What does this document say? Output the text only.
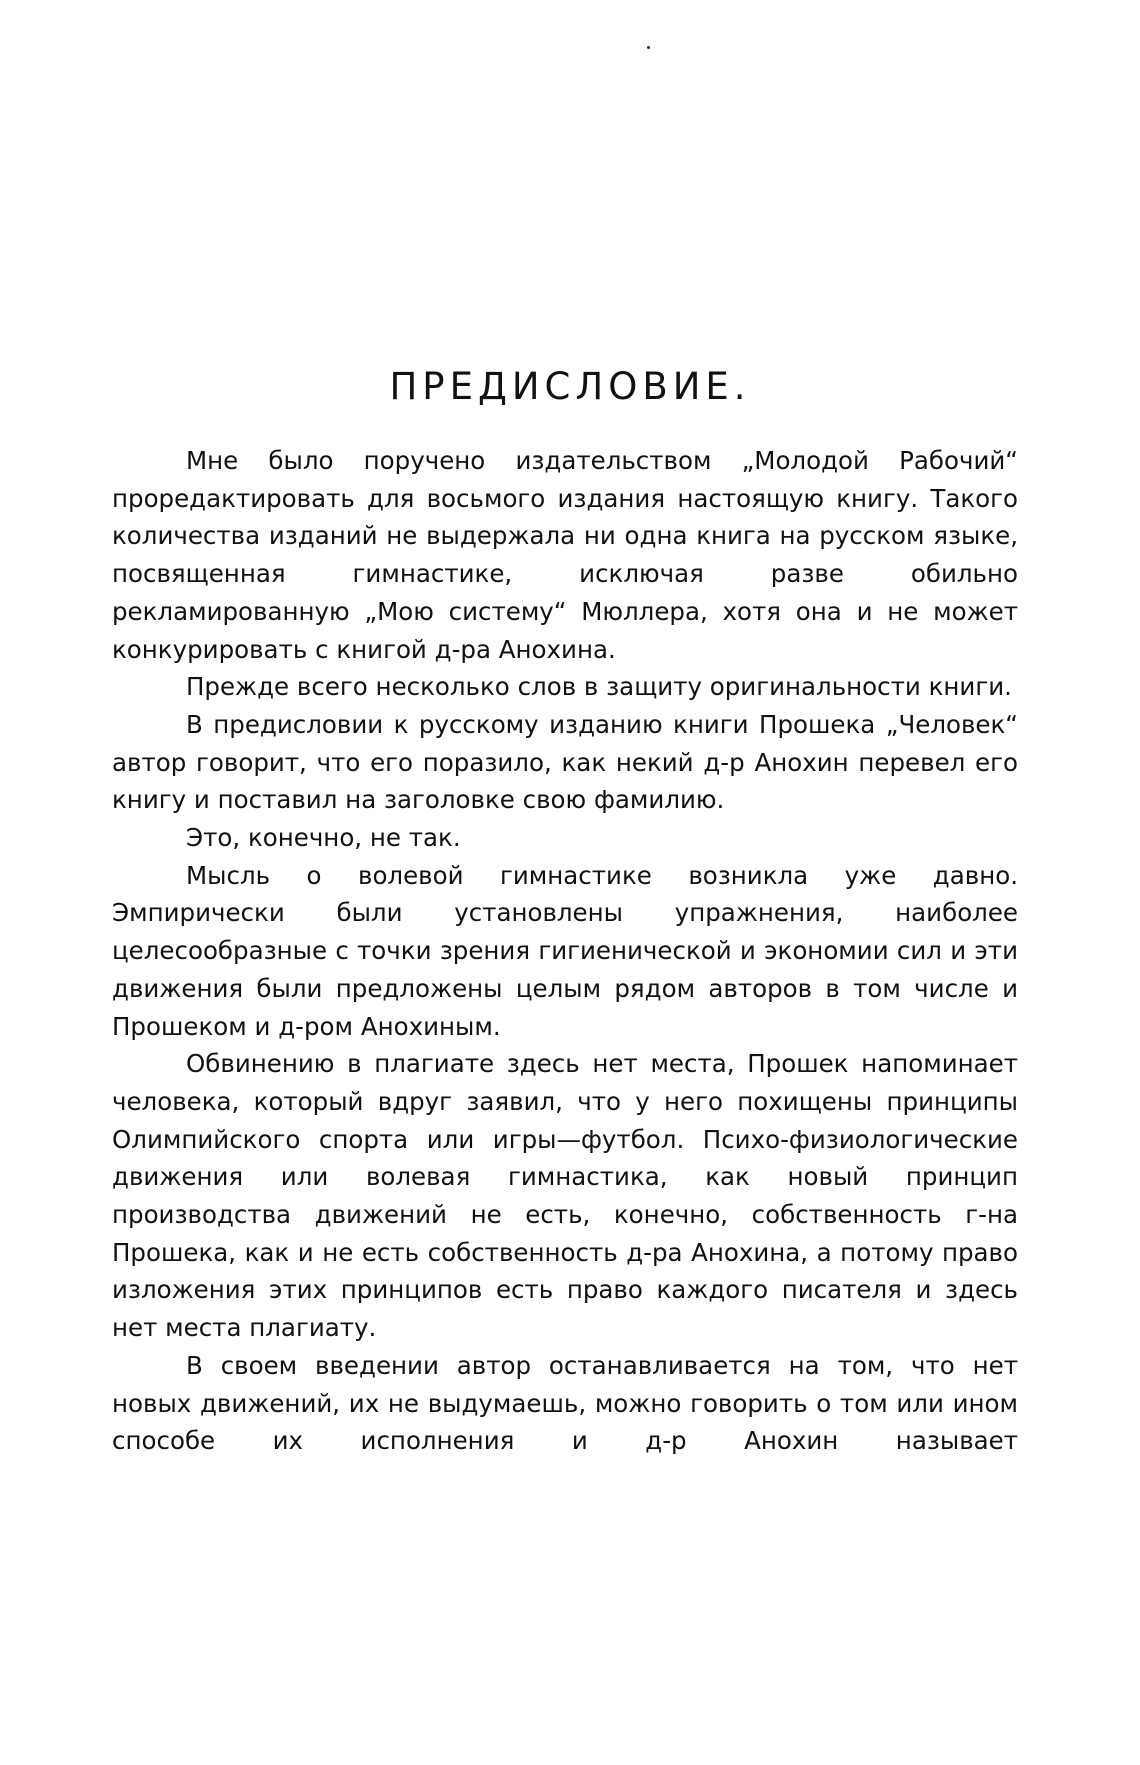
ПРЕДИСЛОВИЕ.

Мне было поручено издательством „Молодой Рабочий“ проредактировать для восьмого издания настоящую книгу. Такого количества изданий не выдержала ни одна книга на русском языке, посвященная гимнастике, исключая разве обильно рекламированную „Мою систему“ Мюллера, хотя она и не может конкурировать с книгой д-ра Анохина.

Прежде всего несколько слов в защиту оригинальности книги.

В предисловии к русскому изданию книги Прошека „Человек“ автор говорит, что его поразило, как некий д-р Анохин перевел его книгу и поставил на заголовке свою фамилию.

Это, конечно, не так.

Мысль о волевой гимнастике возникла уже давно. Эмпирически были установлены упражнения, наиболее целесообразные с точки зрения гигиенической и экономии сил и эти движения были предложены целым рядом авторов в том числе и Прошеком и д-ром Анохиным.

Обвинению в плагиате здесь нет места, Прошек напоминает человека, который вдруг заявил, что у него похищены принципы Олимпийского спорта или игры—футбол. Психо-физиологические движения или волевая гимнастика, как новый принцип производства движений не есть, конечно, собственность г-на Прошека, как и не есть собственность д-ра Анохина, а потому право изложения этих принципов есть право каждого писателя и здесь нет места плагиату.

В своем введении автор останавливается на том, что нет новых движений, их не выдумаешь, можно говорить о том или ином способе их исполнения и д-р Анохин называет
